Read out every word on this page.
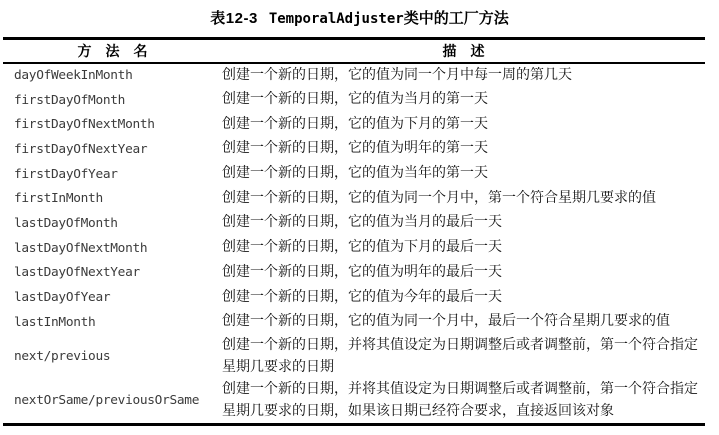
表12-3 TemporalAdjuster类中的工厂方法
方　法　名	描　述
dayOfWeekInMonth	创建一个新的日期，它的值为同一个月中每一周的第几天
firstDayOfMonth	创建一个新的日期，它的值为当月的第一天
firstDayOfNextMonth	创建一个新的日期，它的值为下月的第一天
firstDayOfNextYear	创建一个新的日期，它的值为明年的第一天
firstDayOfYear	创建一个新的日期，它的值为当年的第一天
firstInMonth	创建一个新的日期，它的值为同一个月中，第一个符合星期几要求的值
lastDayOfMonth	创建一个新的日期，它的值为当月的最后一天
lastDayOfNextMonth	创建一个新的日期，它的值为下月的最后一天
lastDayOfNextYear	创建一个新的日期，它的值为明年的最后一天
lastDayOfYear	创建一个新的日期，它的值为今年的最后一天
lastInMonth	创建一个新的日期，它的值为同一个月中，最后一个符合星期几要求的值
next/previous	创建一个新的日期，并将其值设定为日期调整后或者调整前，第一个符合指定星期几要求的日期
nextOrSame/previousOrSame	创建一个新的日期，并将其值设定为日期调整后或者调整前，第一个符合指定星期几要求的日期，如果该日期已经符合要求，直接返回该对象
